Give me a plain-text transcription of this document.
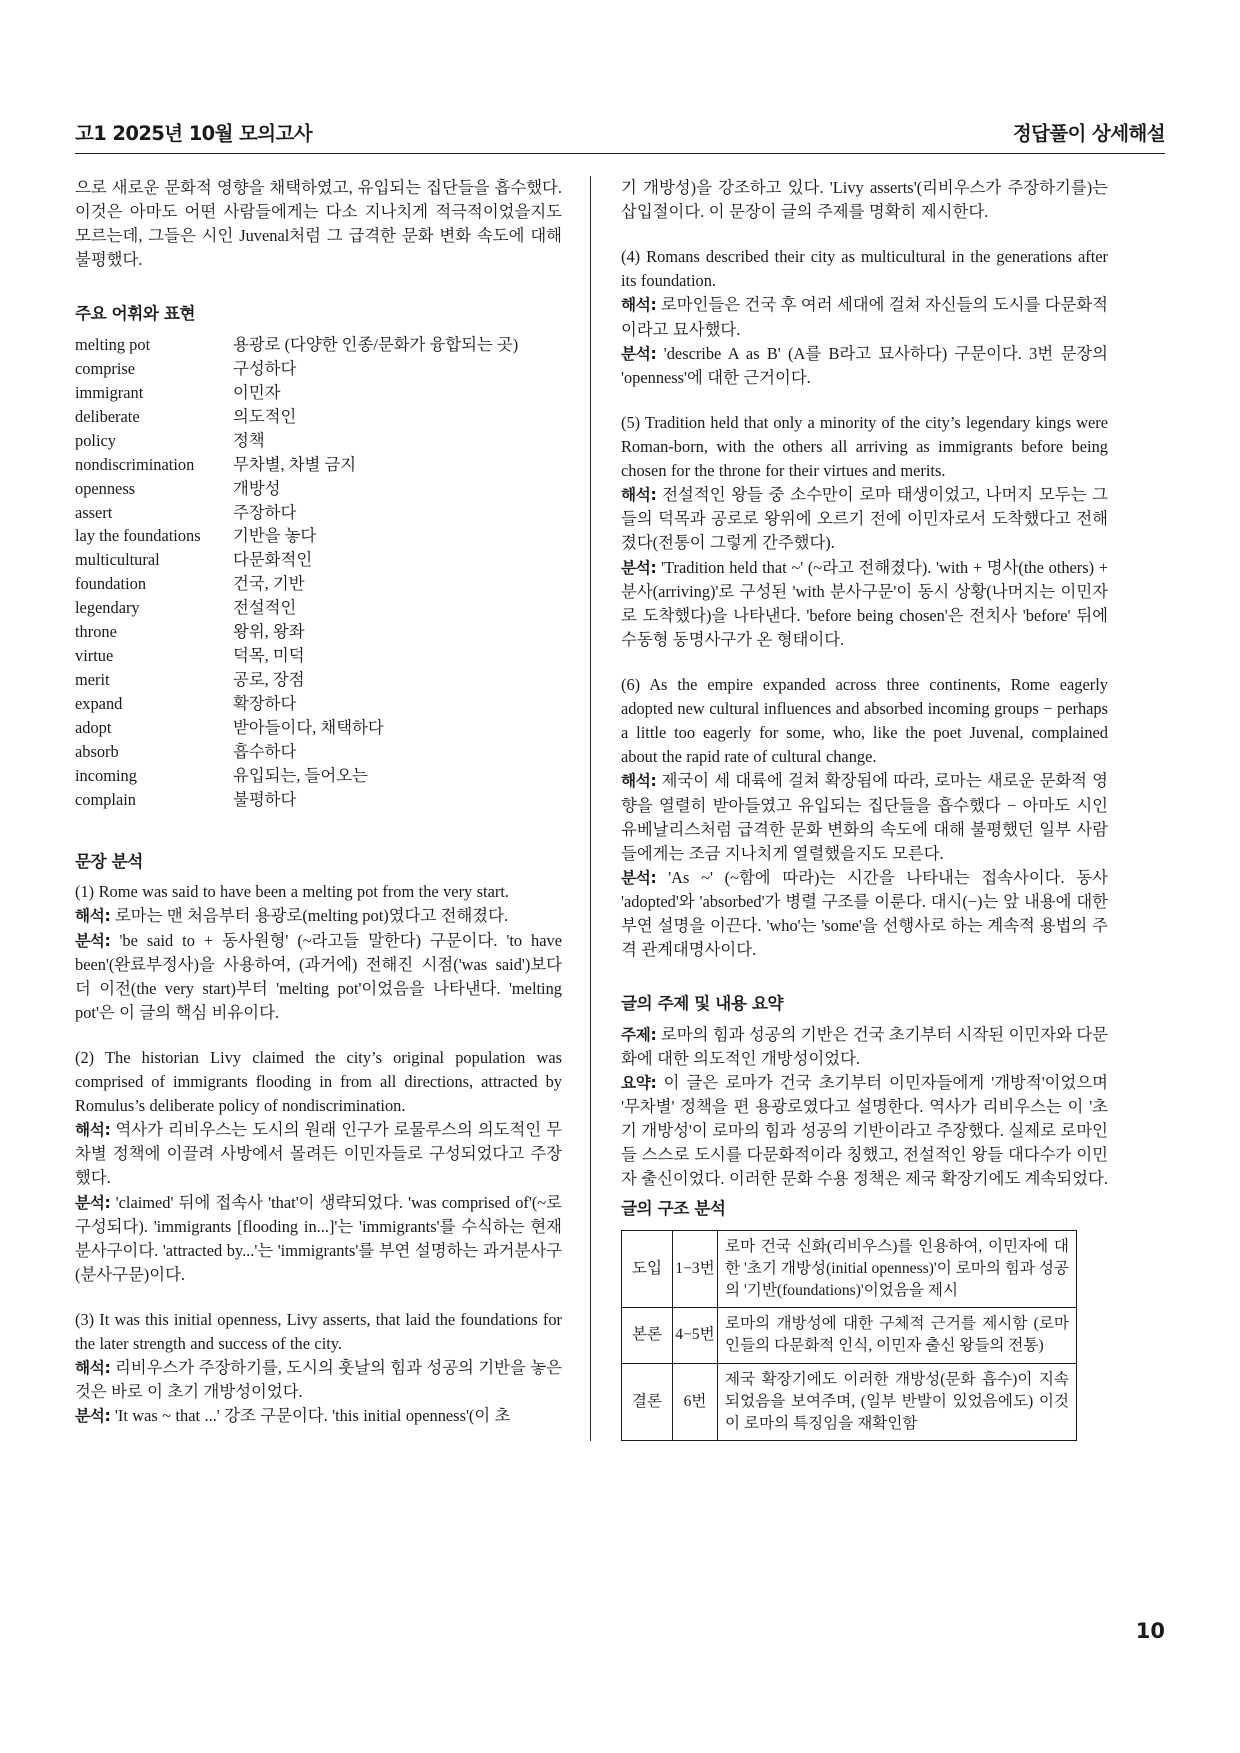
고1 2025년 10월 모의고사	정답풀이 상세해설

으로 새로운 문화적 영향을 채택하였고, 유입되는 집단들을 흡수했다. 이것은 아마도 어떤 사람들에게는 다소 지나치게 적극적이었을지도 모르는데, 그들은 시인 Juvenal처럼 그 급격한 문화 변화 속도에 대해 불평했다.

주요 어휘와 표현
melting pot	용광로 (다양한 인종/문화가 융합되는 곳)
comprise	구성하다
immigrant	이민자
deliberate	의도적인
policy	정책
nondiscrimination	무차별, 차별 금지
openness	개방성
assert	주장하다
lay the foundations	기반을 놓다
multicultural	다문화적인
foundation	건국, 기반
legendary	전설적인
throne	왕위, 왕좌
virtue	덕목, 미덕
merit	공로, 장점
expand	확장하다
adopt	받아들이다, 채택하다
absorb	흡수하다
incoming	유입되는, 들어오는
complain	불평하다
문장 분석

(1) Rome was said to have been a melting pot from the very start.

해석: 로마는 맨 처음부터 용광로(melting pot)였다고 전해졌다.

분석: 'be said to + 동사원형' (~라고들 말한다) 구문이다. 'to have been'(완료부정사)을 사용하여, (과거에) 전해진 시점('was said')보다 더 이전(the very start)부터 'melting pot'이었음을 나타낸다. 'melting pot'은 이 글의 핵심 비유이다.

(2) The historian Livy claimed the city’s original population was comprised of immigrants flooding in from all directions, attracted by Romulus’s deliberate policy of nondiscrimination.

해석: 역사가 리비우스는 도시의 원래 인구가 로물루스의 의도적인 무차별 정책에 이끌려 사방에서 몰려든 이민자들로 구성되었다고 주장했다.

분석: 'claimed' 뒤에 접속사 'that'이 생략되었다. 'was comprised of'(~로 구성되다). 'immigrants [flooding in...]'는 'immigrants'를 수식하는 현재분사구이다. 'attracted by...'는 'immigrants'를 부연 설명하는 과거분사구(분사구문)이다.

(3) It was this initial openness, Livy asserts, that laid the foundations for the later strength and success of the city.

해석: 리비우스가 주장하기를, 도시의 훗날의 힘과 성공의 기반을 놓은 것은 바로 이 초기 개방성이었다.

분석: 'It was ~ that ...' 강조 구문이다. 'this initial openness'(이 초

기 개방성)을 강조하고 있다. 'Livy asserts'(리비우스가 주장하기를)는 삽입절이다. 이 문장이 글의 주제를 명확히 제시한다.

(4) Romans described their city as multicultural in the generations after its foundation.

해석: 로마인들은 건국 후 여러 세대에 걸쳐 자신들의 도시를 다문화적이라고 묘사했다.

분석: 'describe A as B' (A를 B라고 묘사하다) 구문이다. 3번 문장의 'openness'에 대한 근거이다.

(5) Tradition held that only a minority of the city’s legendary kings were Roman‑born, with the others all arriving as immigrants before being chosen for the throne for their virtues and merits.

해석: 전설적인 왕들 중 소수만이 로마 태생이었고, 나머지 모두는 그들의 덕목과 공로로 왕위에 오르기 전에 이민자로서 도착했다고 전해졌다(전통이 그렇게 간주했다).

분석: 'Tradition held that ~' (~라고 전해졌다). 'with + 명사(the others) + 분사(arriving)'로 구성된 'with 분사구문'이 동시 상황(나머지는 이민자로 도착했다)을 나타낸다. 'before being chosen'은 전치사 'before' 뒤에 수동형 동명사구가 온 형태이다.

(6) As the empire expanded across three continents, Rome eagerly adopted new cultural influences and absorbed incoming groups − perhaps a little too eagerly for some, who, like the poet Juvenal, complained about the rapid rate of cultural change.

해석: 제국이 세 대륙에 걸쳐 확장됨에 따라, 로마는 새로운 문화적 영향을 열렬히 받아들였고 유입되는 집단들을 흡수했다 − 아마도 시인 유베날리스처럼 급격한 문화 변화의 속도에 대해 불평했던 일부 사람들에게는 조금 지나치게 열렬했을지도 모른다.

분석: 'As ~' (~함에 따라)는 시간을 나타내는 접속사이다. 동사 'adopted'와 'absorbed'가 병렬 구조를 이룬다. 대시(−)는 앞 내용에 대한 부연 설명을 이끈다. 'who'는 'some'을 선행사로 하는 계속적 용법의 주격 관계대명사이다.

글의 주제 및 내용 요약

주제: 로마의 힘과 성공의 기반은 건국 초기부터 시작된 이민자와 다문화에 대한 의도적인 개방성이었다.

요약: 이 글은 로마가 건국 초기부터 이민자들에게 '개방적'이었으며 '무차별' 정책을 편 용광로였다고 설명한다. 역사가 리비우스는 이 '초기 개방성'이 로마의 힘과 성공의 기반이라고 주장했다. 실제로 로마인들 스스로 도시를 다문화적이라 칭했고, 전설적인 왕들 대다수가 이민자 출신이었다. 이러한 문화 수용 정책은 제국 확장기에도 계속되었다.

글의 구조 분석
도입	1−3번	로마 건국 신화(리비우스)를 인용하여, 이민자에 대한 '초기 개방성(initial openness)'이 로마의 힘과 성공의 '기반(foundations)'이었음을 제시
본론	4−5번	로마의 개방성에 대한 구체적 근거를 제시함 (로마인들의 다문화적 인식, 이민자 출신 왕들의 전통)
결론	6번	제국 확장기에도 이러한 개방성(문화 흡수)이 지속되었음을 보여주며, (일부 반발이 있었음에도) 이것이 로마의 특징임을 재확인함
10
